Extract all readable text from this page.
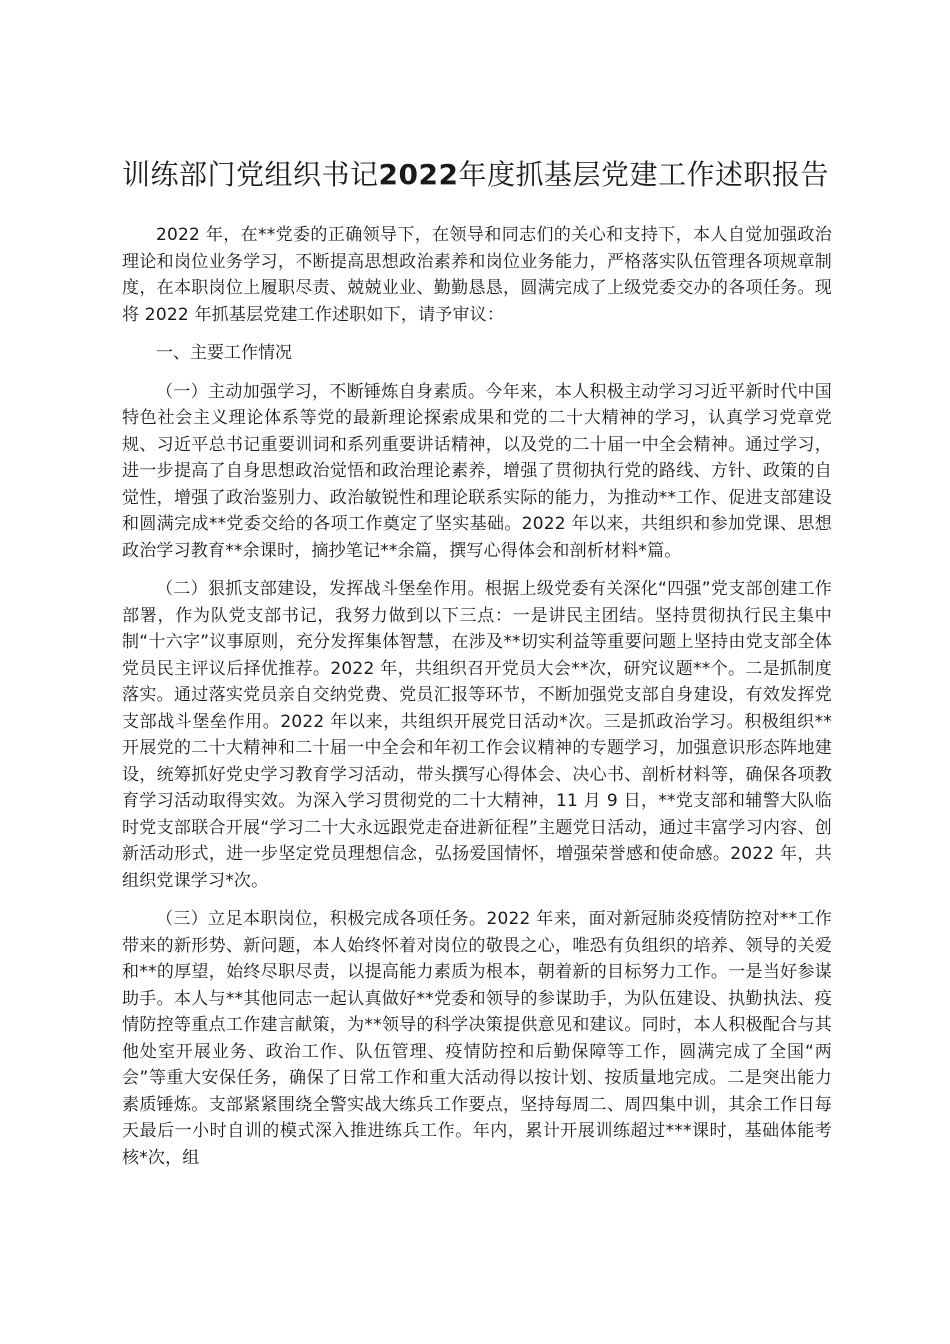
训练部门党组织书记2022年度抓基层党建工作述职报告

2022 年，在**党委的正确领导下，在领导和同志们的关心和支持下，本人自觉加强政治理论和岗位业务学习，不断提高思想政治素养和岗位业务能力，严格落实队伍管理各项规章制度，在本职岗位上履职尽责、兢兢业业、勤勤恳恳，圆满完成了上级党委交办的各项任务。现将 2022 年抓基层党建工作述职如下，请予审议：

一、主要工作情况

（一）主动加强学习，不断锤炼自身素质。今年来，本人积极主动学习习近平新时代中国特色社会主义理论体系等党的最新理论探索成果和党的二十大精神的学习，认真学习党章党规、习近平总书记重要训词和系列重要讲话精神，以及党的二十届一中全会精神。通过学习，进一步提高了自身思想政治觉悟和政治理论素养，增强了贯彻执行党的路线、方针、政策的自觉性，增强了政治鉴别力、政治敏锐性和理论联系实际的能力，为推动**工作、促进支部建设和圆满完成**党委交给的各项工作奠定了坚实基础。2022 年以来，共组织和参加党课、思想政治学习教育**余课时，摘抄笔记**余篇，撰写心得体会和剖析材料*篇。

（二）狠抓支部建设，发挥战斗堡垒作用。根据上级党委有关深化“四强”党支部创建工作部署，作为队党支部书记，我努力做到以下三点：一是讲民主团结。坚持贯彻执行民主集中制“十六字”议事原则，充分发挥集体智慧，在涉及**切实利益等重要问题上坚持由党支部全体党员民主评议后择优推荐。2022 年，共组织召开党员大会**次，研究议题**个。二是抓制度落实。通过落实党员亲自交纳党费、党员汇报等环节，不断加强党支部自身建设，有效发挥党支部战斗堡垒作用。2022 年以来，共组织开展党日活动*次。三是抓政治学习。积极组织**开展党的二十大精神和二十届一中全会和年初工作会议精神的专题学习，加强意识形态阵地建设，统筹抓好党史学习教育学习活动，带头撰写心得体会、决心书、剖析材料等，确保各项教育学习活动取得实效。为深入学习贯彻党的二十大精神，11 月 9 日，**党支部和辅警大队临时党支部联合开展“学习二十大永远跟党走奋进新征程”主题党日活动，通过丰富学习内容、创新活动形式，进一步坚定党员理想信念，弘扬爱国情怀，增强荣誉感和使命感。2022 年，共组织党课学习*次。

（三）立足本职岗位，积极完成各项任务。2022 年来，面对新冠肺炎疫情防控对**工作带来的新形势、新问题，本人始终怀着对岗位的敬畏之心，唯恐有负组织的培养、领导的关爱和**的厚望，始终尽职尽责，以提高能力素质为根本，朝着新的目标努力工作。一是当好参谋助手。本人与**其他同志一起认真做好**党委和领导的参谋助手，为队伍建设、执勤执法、疫情防控等重点工作建言献策，为**领导的科学决策提供意见和建议。同时，本人积极配合与其他处室开展业务、政治工作、队伍管理、疫情防控和后勤保障等工作，圆满完成了全国“两会”等重大安保任务，确保了日常工作和重大活动得以按计划、按质量地完成。二是突出能力素质锤炼。支部紧紧围绕全警实战大练兵工作要点，坚持每周二、周四集中训，其余工作日每天最后一小时自训的模式深入推进练兵工作。年内，累计开展训练超过***课时，基础体能考核*次，组
